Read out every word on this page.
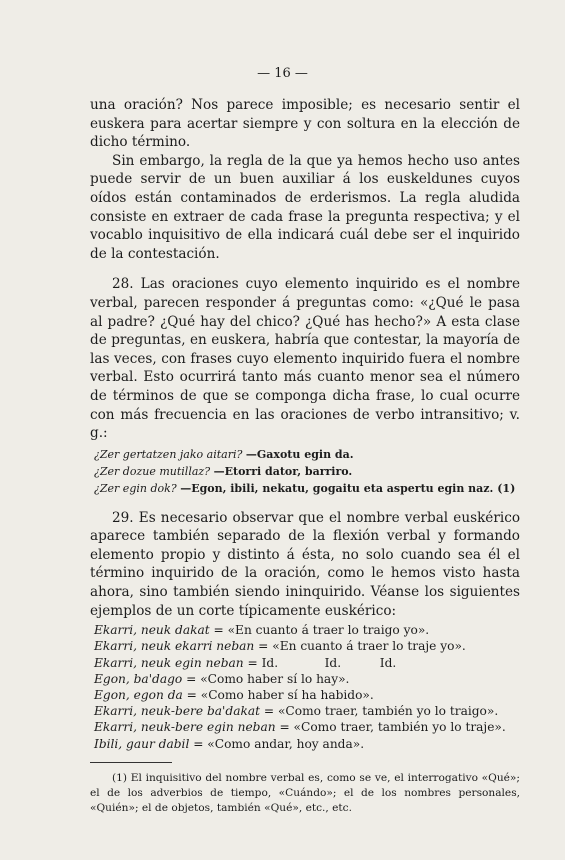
— 16 —

una oración? Nos parece imposible; es necesario sentir el euskera para acertar siempre y con soltura en la elección de dicho término.

Sin embargo, la regla de la que ya hemos hecho uso antes puede servir de un buen auxiliar á los euskeldunes cuyos oídos están contaminados de erderismos. La regla aludida consiste en extraer de cada frase la pregunta respectiva; y el vocablo inquisitivo de ella indicará cuál debe ser el inquirido de la contestación.

28. Las oraciones cuyo elemento inquirido es el nombre verbal, parecen responder á preguntas como: «¿Qué le pasa al padre? ¿Qué hay del chico? ¿Qué has hecho?» A esta clase de preguntas, en euskera, habría que contestar, la mayoría de las veces, con frases cuyo elemento inquirido fuera el nombre verbal. Esto ocurrirá tanto más cuanto menor sea el número de términos de que se componga dicha frase, lo cual ocurre con más frecuencia en las oraciones de verbo intransitivo; v. g.:

¿Zer gertatzen jako aitari? —Gaxotu egin da.
¿Zer dozue mutillaz? —Etorri dator, barriro.
¿Zer egin dok? —Egon, ibili, nekatu, gogaitu eta aspertu egin naz. (1)

29. Es necesario observar que el nombre verbal euskérico aparece también separado de la flexión verbal y formando elemento propio y distinto á ésta, no solo cuando sea él el término inquirido de la oración, como le hemos visto hasta ahora, sino también siendo ininquirido. Véanse los siguientes ejemplos de un corte típicamente euskérico:

Ekarri, neuk dakat = «En cuanto á traer lo traigo yo».
Ekarri, neuk ekarri neban = «En cuanto á traer lo traje yo».
Ekarri, neuk egin neban = Id.            Id.          Id.
Egon, ba'dago = «Como haber sí lo hay».
Egon, egon da = «Como haber sí ha habido».
Ekarri, neuk-bere ba'dakat = «Como traer, también yo lo traigo».
Ekarri, neuk-bere egin neban = «Como traer, también yo lo traje».
Ibili, gaur dabil = «Como andar, hoy anda».

(1) El inquisitivo del nombre verbal es, como se ve, el interrogativo «Qué»; el de los adverbios de tiempo, «Cuándo»; el de los nombres personales, «Quién»; el de objetos, también «Qué», etc., etc.
